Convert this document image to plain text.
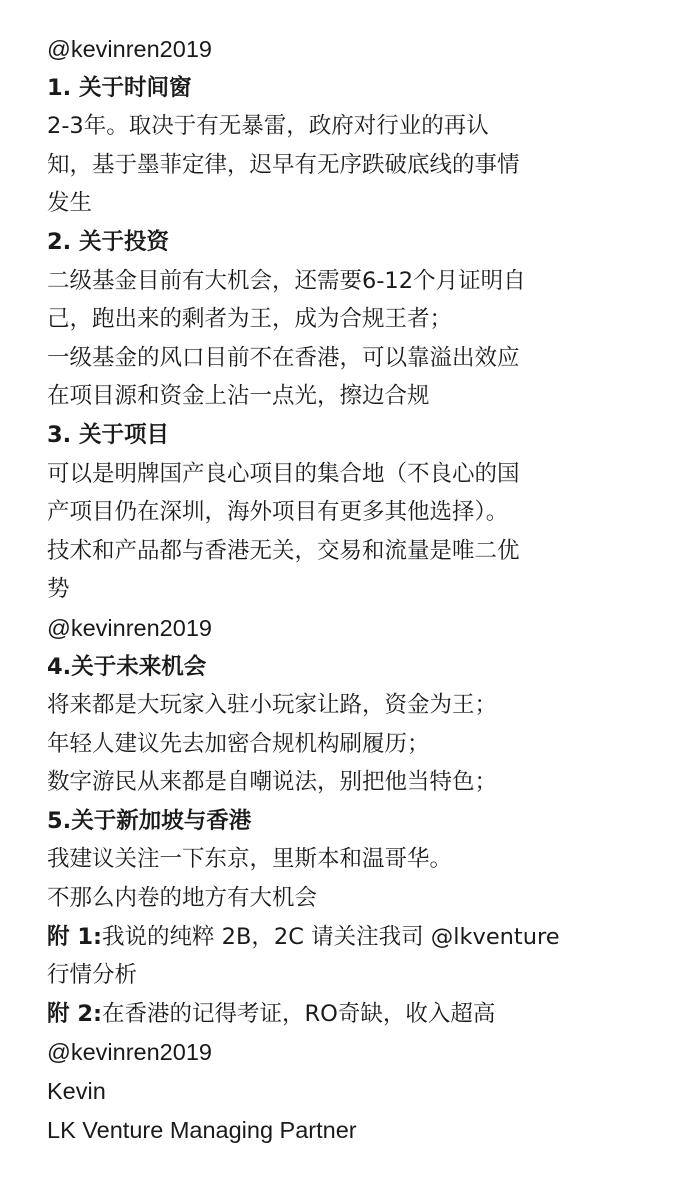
@kevinren2019
1. 关于时间窗
2-3年。取决于有无暴雷，政府对行业的再认
知，基于墨菲定律，迟早有无序跌破底线的事情
发生
2. 关于投资
二级基金目前有大机会，还需要6-12个月证明自
己，跑出来的剩者为王，成为合规王者；
一级基金的风口目前不在香港，可以靠溢出效应
在项目源和资金上沾一点光，擦边合规
3. 关于项目
可以是明牌国产良心项目的集合地（不良心的国
产项目仍在深圳，海外项目有更多其他选择）。
技术和产品都与香港无关，交易和流量是唯二优
势
@kevinren2019
4.关于未来机会
将来都是大玩家入驻小玩家让路，资金为王；
年轻人建议先去加密合规机构刷履历；
数字游民从来都是自嘲说法，别把他当特色；
5.关于新加坡与香港
我建议关注一下东京，里斯本和温哥华。
不那么内卷的地方有大机会
附 1:我说的纯粹 2B，2C 请关注我司 @lkventure
行情分析
附 2:在香港的记得考证，RO奇缺，收入超高
@kevinren2019
Kevin
LK Venture Managing Partner
